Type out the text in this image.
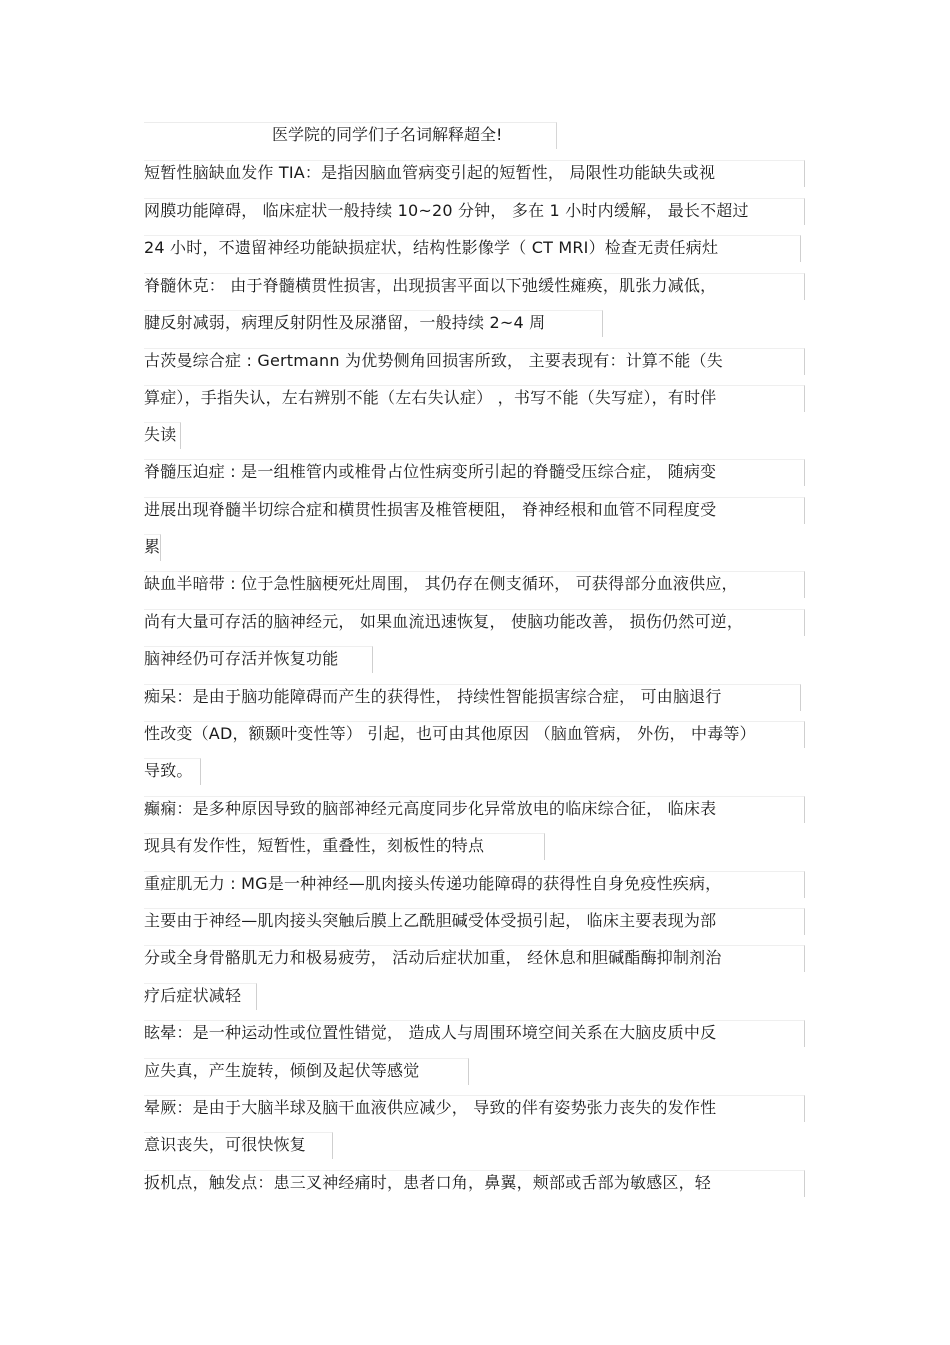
医学院的同学们子名词解释超全!
短暂性脑缺血发作 TIA：是指因脑血管病变引起的短暂性， 局限性功能缺失或视
网膜功能障碍， 临床症状一般持续 10~20 分钟， 多在 1 小时内缓解， 最长不超过
24 小时，不遗留神经功能缺损症状，结构性影像学（ CT MRI）检查无责任病灶
脊髓休克： 由于脊髓横贯性损害，出现损害平面以下弛缓性瘫痪，肌张力减低，
腱反射减弱，病理反射阴性及尿潴留，一般持续 2~4 周
古茨曼综合症 : Gertmann 为优势侧角回损害所致， 主要表现有：计算不能（失
算症），手指失认，左右辨别不能（左右失认症） ，书写不能（失写症），有时伴
失读
脊髓压迫症 : 是一组椎管内或椎骨占位性病变所引起的脊髓受压综合症， 随病变
进展出现脊髓半切综合症和横贯性损害及椎管梗阻， 脊神经根和血管不同程度受
累
缺血半暗带 : 位于急性脑梗死灶周围， 其仍存在侧支循环， 可获得部分血液供应，
尚有大量可存活的脑神经元， 如果血流迅速恢复， 使脑功能改善， 损伤仍然可逆，
脑神经仍可存活并恢复功能
痴呆：是由于脑功能障碍而产生的获得性， 持续性智能损害综合症， 可由脑退行
性改变（AD，额颞叶变性等） 引起，也可由其他原因 （脑血管病， 外伤， 中毒等）
导致。
癫痫：是多种原因导致的脑部神经元高度同步化异常放电的临床综合征， 临床表
现具有发作性，短暂性，重叠性，刻板性的特点
重症肌无力 : MG是一种神经—肌肉接头传递功能障碍的获得性自身免疫性疾病，
主要由于神经—肌肉接头突触后膜上乙酰胆碱受体受损引起， 临床主要表现为部
分或全身骨骼肌无力和极易疲劳， 活动后症状加重， 经休息和胆碱酯酶抑制剂治
疗后症状减轻
眩晕：是一种运动性或位置性错觉， 造成人与周围环境空间关系在大脑皮质中反
应失真，产生旋转，倾倒及起伏等感觉
晕厥：是由于大脑半球及脑干血液供应减少， 导致的伴有姿势张力丧失的发作性
意识丧失，可很快恢复
扳机点，触发点：患三叉神经痛时，患者口角，鼻翼，颊部或舌部为敏感区，轻
